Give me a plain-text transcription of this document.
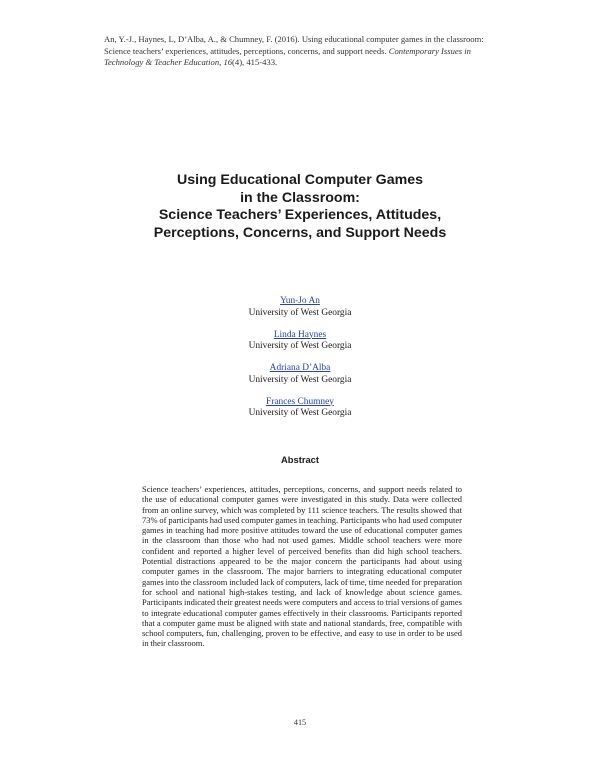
An, Y.-J., Haynes, L, D’Alba, A., & Chumney, F. (2016). Using educational computer games in the classroom: Science teachers’ experiences, attitudes, perceptions, concerns, and support needs. Contemporary Issues in Technology & Teacher Education, 16(4), 415-433.
Using Educational Computer Games
in the Classroom:
Science Teachers’ Experiences, Attitudes,
Perceptions, Concerns, and Support Needs
Yun-Jo An
University of West Georgia
Linda Haynes
University of West Georgia
Adriana D’Alba
University of West Georgia
Frances Chumney
University of West Georgia
Abstract
Science teachers’ experiences, attitudes, perceptions, concerns, and support needs related to the use of educational computer games were investigated in this study. Data were collected from an online survey, which was completed by 111 science teachers. The results showed that 73% of participants had used computer games in teaching. Participants who had used computer games in teaching had more positive attitudes toward the use of educational computer games in the classroom than those who had not used games. Middle school teachers were more confident and reported a higher level of perceived benefits than did high school teachers. Potential distractions appeared to be the major concern the participants had about using computer games in the classroom. The major barriers to integrating educational computer games into the classroom included lack of computers, lack of time, time needed for preparation for school and national high-stakes testing, and lack of knowledge about science games. Participants indicated their greatest needs were computers and access to trial versions of games to integrate educational computer games effectively in their classrooms. Participants reported that a computer game must be aligned with state and national standards, free, compatible with school computers, fun, challenging, proven to be effective, and easy to use in order to be used in their classroom.
415
